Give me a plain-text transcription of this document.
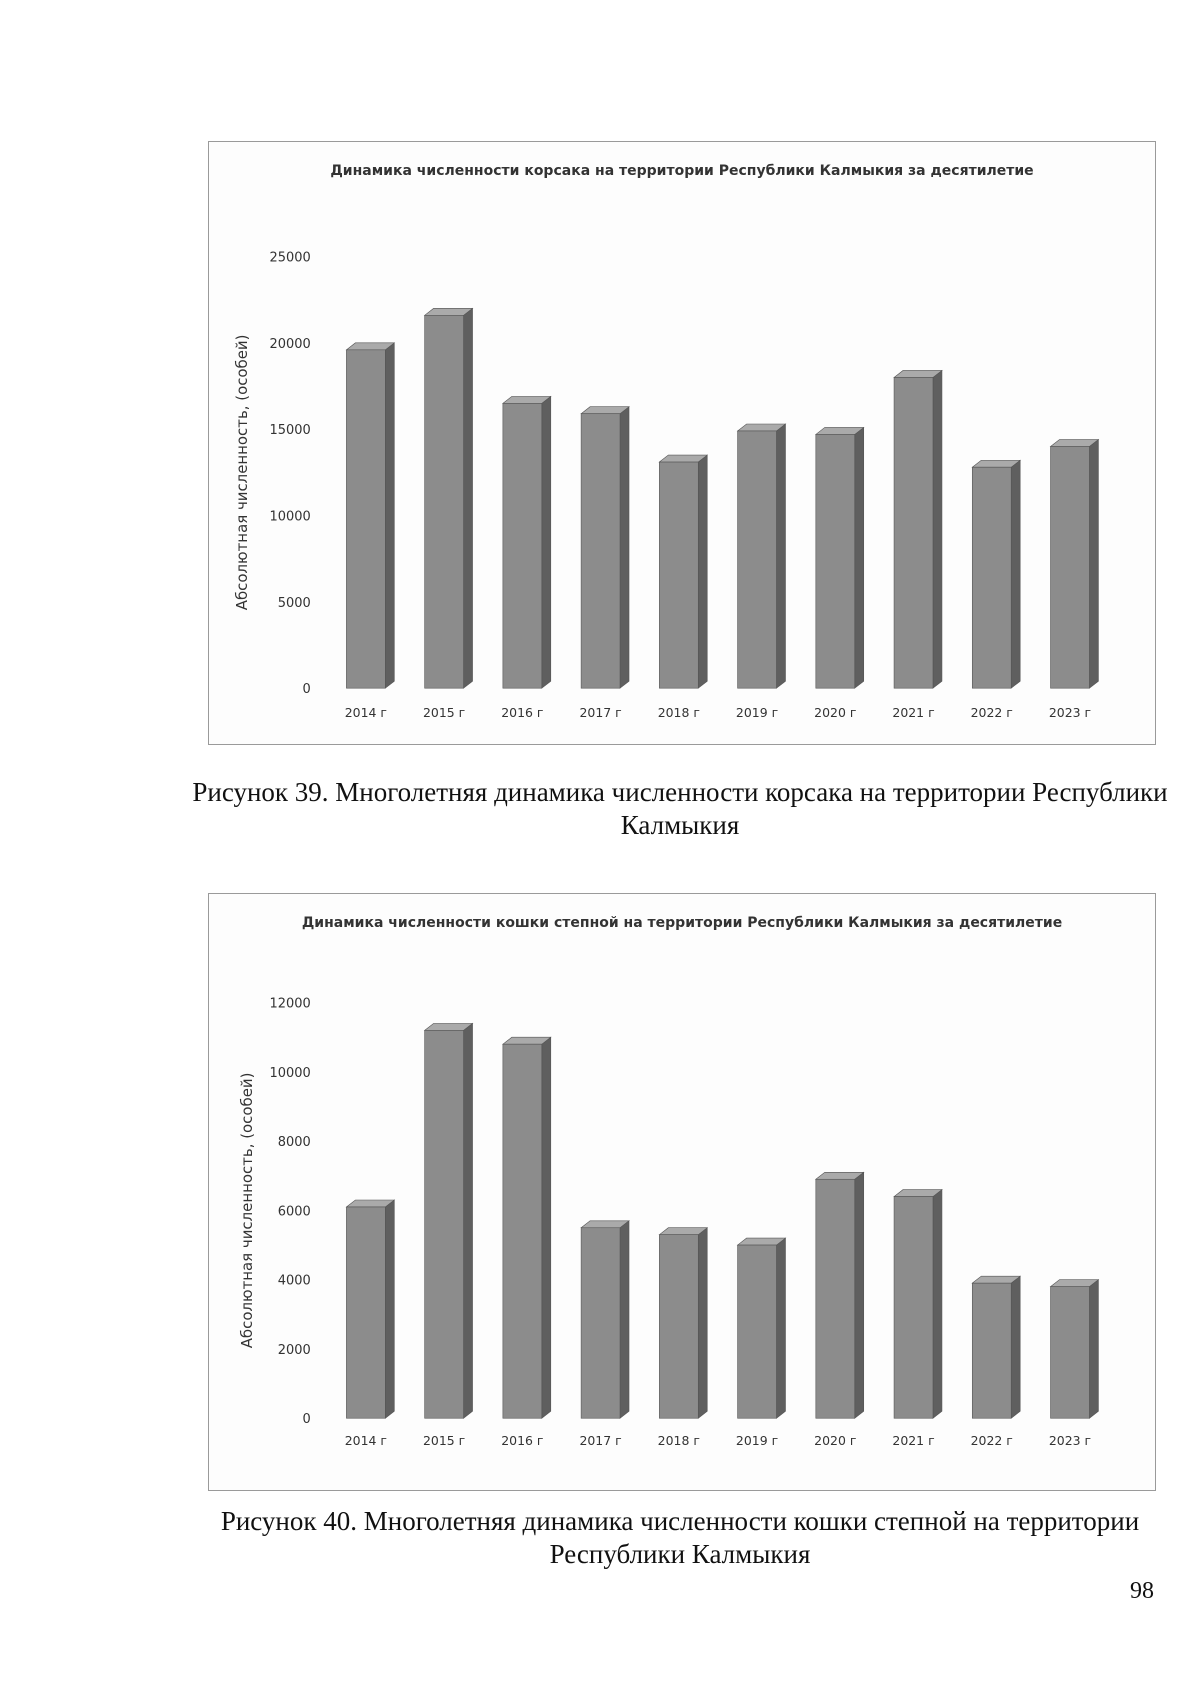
Динамика численности корсака на территории Республики Калмыкия за десятилетие
Абсолютная численность, (особей)
0
5000
10000
15000
20000
25000
2014 г	2015 г	2016 г	2017 г	2018 г	2019 г	2020 г	2021 г	2022 г	2023 г
Рисунок 39. Многолетняя динамика численности корсака на территории Республики Калмыкия
Динамика численности кошки степной на территории Республики Калмыкия за десятилетие
Абсолютная численность, (особей)
0
2000
4000
6000
8000
10000
12000
2014 г	2015 г	2016 г	2017 г	2018 г	2019 г	2020 г	2021 г	2022 г	2023 г
Рисунок 40. Многолетняя динамика численности кошки степной на территории Республики Калмыкия
98
